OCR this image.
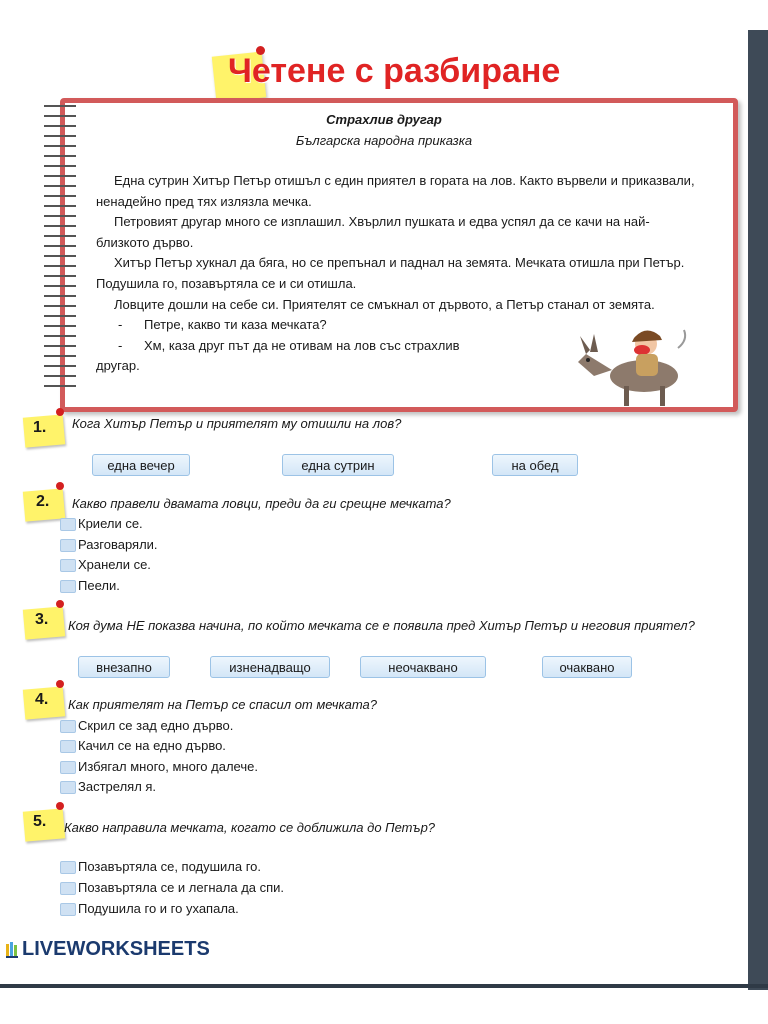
Четене с разбиране

Страхлив другар

Българска народна приказка

Една сутрин Хитър Петър отишъл с един приятел в гората на лов. Както вървели и приказвали, ненадейно пред тях излязла мечка.

Петровият другар много се изплашил. Хвърлил пушката и едва успял да се качи на най-близкото дърво.

Хитър Петър хукнал да бяга, но се препънал и паднал на земята. Мечката отишла при Петър. Подушила го, позавъртяла се и си отишла.

Ловците дошли на себе си. Приятелят се смъкнал от дървото, а Петър станал от земята.

- Петре, какво ти каза мечката?
- Хм, каза друг път да не отивам на лов със страхлив
другар.

1. Кога Хитър Петър и приятелят му отишли на лов?

една вечер	една сутрин	на обед

2. Какво правели двамата ловци, преди да ги срещне мечката?

Криели се.
Разговаряли.
Хранели се.
Пеели.

3. Коя дума НЕ показва начина, по който мечката се е появила пред Хитър Петър и неговия приятел?

внезапно	изненадващо	неочаквано	очаквано

4. Как приятелят на Петър се спасил от мечката?

Скрил се зад едно дърво.
Качил се на едно дърво.
Избягал много, много далече.
Застрелял я.

5. Какво направила мечката, когато се доближила до Петър?

Позавъртяла се, подушила го.
Позавъртяла се и легнала да спи.
Подушила го и го ухапала.
LIVEWORKSHEETS
